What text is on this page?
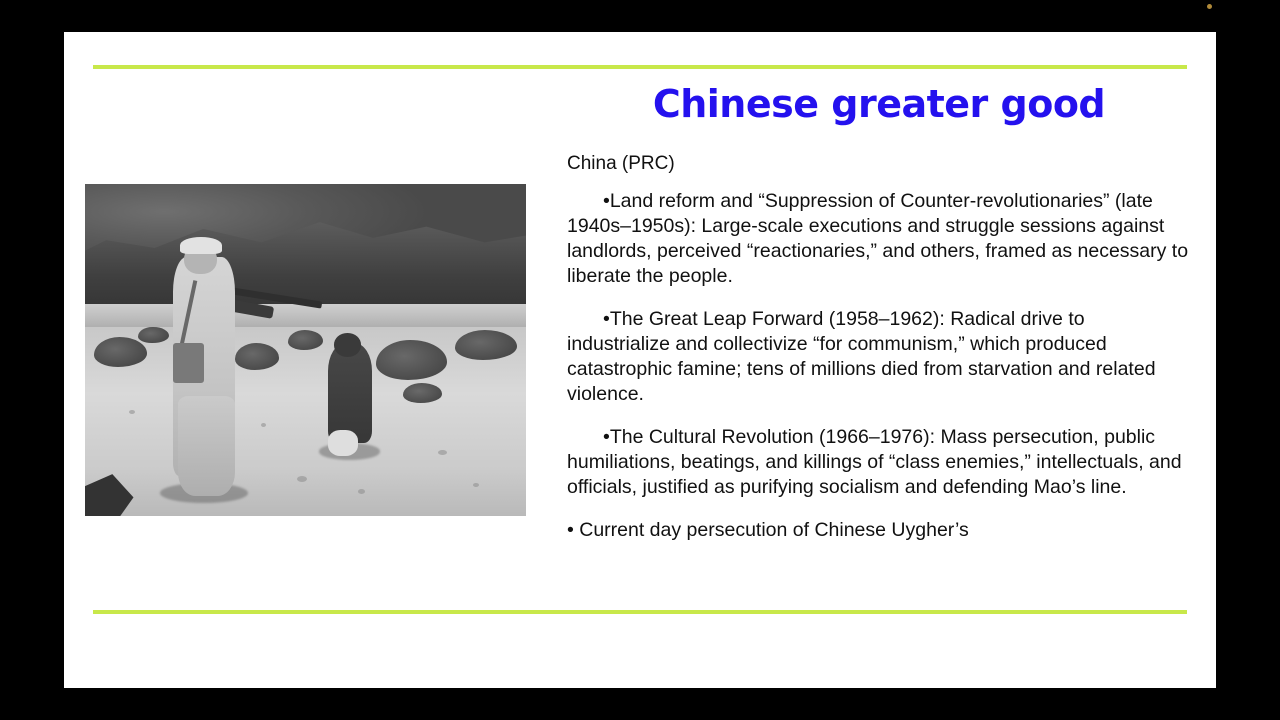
Chinese greater good

China (PRC)

•Land reform and “Suppression of Counter-revolutionaries” (late 1940s–1950s): Large-scale executions and struggle sessions against landlords, perceived “reactionaries,” and others, framed as necessary to liberate the people.

•The Great Leap Forward (1958–1962): Radical drive to industrialize and collectivize “for communism,” which produced catastrophic famine; tens of millions died from starvation and related violence.

•The Cultural Revolution (1966–1976): Mass persecution, public humiliations, beatings, and killings of “class enemies,” intellectuals, and officials, justified as purifying socialism and defending Mao’s line.

• Current day persecution of Chinese Uygher’s
